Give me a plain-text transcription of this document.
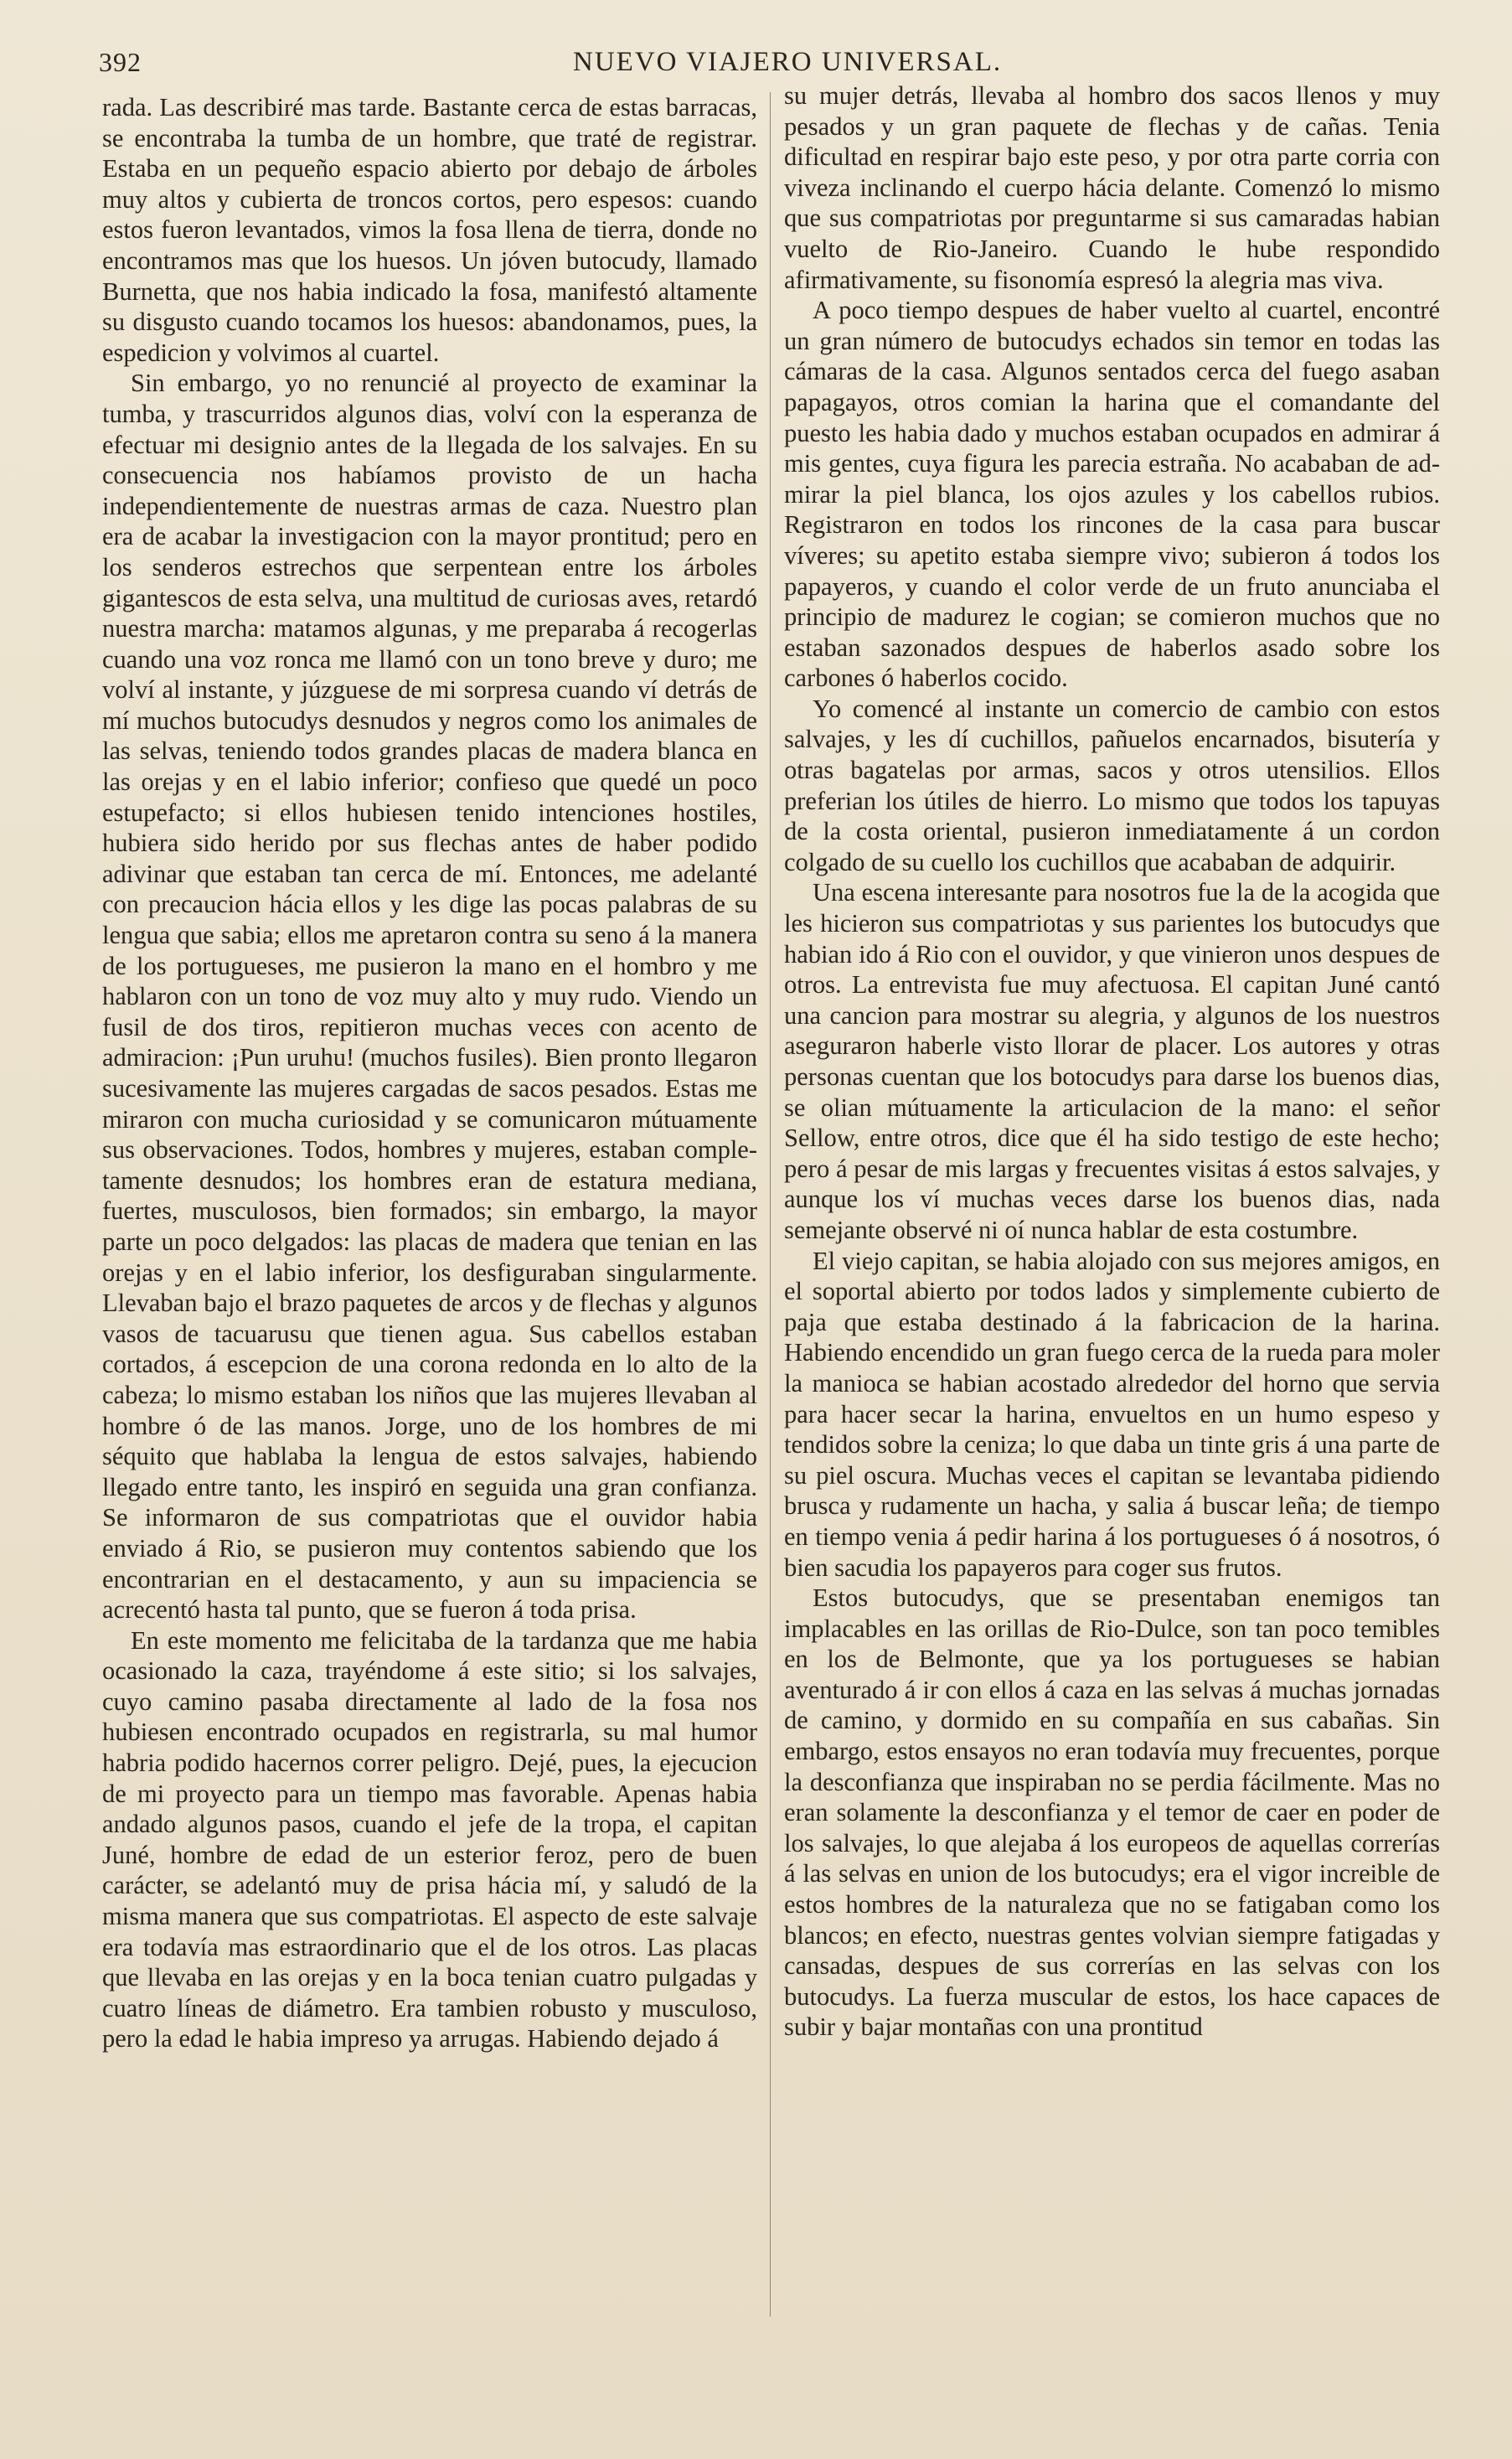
392	NUEVO VIAJERO UNIVERSAL.

rada. Las describiré mas tarde. Bastante cerca de estas barracas, se encontraba la tumba de un hombre, que traté de registrar. Estaba en un pequeño espacio abierto por debajo de árboles muy altos y cubierta de troncos cortos, pero espesos: cuando estos fueron levantados, vimos la fosa llena de tierra, donde no encontramos mas que los huesos. Un jóven butocudy, llamado Burnetta, que nos habia indicado la fosa, manifestó altamente su disgusto cuando tocamos los huesos: abandonamos, pues, la espedicion y volvimos al cuartel.

Sin embargo, yo no renuncié al proyecto de examinar la tumba, y trascurridos algunos dias, volví con la esperanza de efectuar mi designio antes de la llegada de los salvajes. En su consecuencia nos habíamos provisto de un hacha independientemente de nuestras armas de caza. Nuestro plan era de acabar la investigacion con la mayor prontitud; pero en los senderos estrechos que serpentean entre los árboles gigantescos de esta selva, una multitud de curiosas aves, retardó nuestra marcha: matamos algunas, y me preparaba á recogerlas cuando una voz ronca me llamó con un tono breve y duro; me volví al instante, y júzguese de mi sorpresa cuando ví detrás de mí muchos butocudys desnudos y negros como los animales de las selvas, teniendo todos grandes placas de madera blanca en las orejas y en el labio inferior; confieso que quedé un poco estupefacto; si ellos hubiesen tenido intenciones hostiles, hubiera sido herido por sus flechas antes de haber podido adivinar que estaban tan cerca de mí. Entonces, me adelanté con precaucion hácia ellos y les dige las pocas palabras de su lengua que sabia; ellos me apretaron contra su seno á la manera de los portugueses, me pusieron la mano en el hombro y me hablaron con un tono de voz muy alto y muy rudo. Viendo un fusil de dos tiros, repitieron muchas veces con acento de admiracion: ¡Pun uruhu! (muchos fusiles). Bien pronto llegaron sucesivamente las mujeres cargadas de sacos pesados. Estas me miraron con mucha curiosidad y se comunicaron mútuamente sus observaciones. Todos, hombres y mujeres, estaban completamente desnudos; los hombres eran de estatura mediana, fuertes, musculosos, bien formados; sin embargo, la mayor parte un poco delgados: las placas de madera que tenian en las orejas y en el labio inferior, los desfiguraban singularmente. Llevaban bajo el brazo paquetes de arcos y de flechas y algunos vasos de tacuarusu que tienen agua. Sus cabellos estaban cortados, á escepcion de una corona redonda en lo alto de la cabeza; lo mismo estaban los niños que las mujeres llevaban al hombre ó de las manos. Jorge, uno de los hombres de mi séquito que hablaba la lengua de estos salvajes, habiendo llegado entre tanto, les inspiró en seguida una gran confianza. Se informaron de sus compatriotas que el ouvidor habia enviado á Rio, se pusieron muy contentos sabiendo que los encontrarian en el destacamento, y aun su impaciencia se acrecentó hasta tal punto, que se fueron á toda prisa.

En este momento me felicitaba de la tardanza que me habia ocasionado la caza, trayéndome á este sitio; si los salvajes, cuyo camino pasaba directamente al lado de la fosa nos hubiesen encontrado ocupados en registrarla, su mal humor habria podido hacernos correr peligro. Dejé, pues, la ejecucion de mi proyecto para un tiempo mas favorable. Apenas habia andado algunos pasos, cuando el jefe de la tropa, el capitan Juné, hombre de edad de un esterior feroz, pero de buen carácter, se adelantó muy de prisa hácia mí, y saludó de la misma manera que sus compatriotas. El aspecto de este salvaje era todavía mas estraordinario que el de los otros. Las placas que llevaba en las orejas y en la boca tenian cuatro pulgadas y cuatro líneas de diámetro. Era tambien robusto y musculoso, pero la edad le habia impreso ya arrugas. Habiendo dejado á

su mujer detrás, llevaba al hombro dos sacos llenos y muy pesados y un gran paquete de flechas y de cañas. Tenia dificultad en respirar bajo este peso, y por otra parte corria con viveza inclinando el cuerpo hácia delante. Comenzó lo mismo que sus compatriotas por preguntarme si sus camaradas habian vuelto de Rio-Janeiro. Cuando le hube respondido afirmativamente, su fisonomía espresó la alegria mas viva.

A poco tiempo despues de haber vuelto al cuartel, encontré un gran número de butocudys echados sin temor en todas las cámaras de la casa. Algunos sentados cerca del fuego asaban papagayos, otros comian la harina que el comandante del puesto les habia dado y muchos estaban ocupados en admirar á mis gentes, cuya figura les parecia estraña. No acababan de admirar la piel blanca, los ojos azules y los cabellos rubios. Registraron en todos los rincones de la casa para buscar víveres; su apetito estaba siempre vivo; subieron á todos los papayeros, y cuando el color verde de un fruto anunciaba el principio de madurez le cogian; se comieron muchos que no estaban sazonados despues de haberlos asado sobre los carbones ó haberlos cocido.

Yo comencé al instante un comercio de cambio con estos salvajes, y les dí cuchillos, pañuelos encarnados, bisutería y otras bagatelas por armas, sacos y otros utensilios. Ellos preferian los útiles de hierro. Lo mismo que todos los tapuyas de la costa oriental, pusieron inmediatamente á un cordon colgado de su cuello los cuchillos que acababan de adquirir.

Una escena interesante para nosotros fue la de la acogida que les hicieron sus compatriotas y sus parientes los butocudys que habian ido á Rio con el ouvidor, y que vinieron unos despues de otros. La entrevista fue muy afectuosa. El capitan Juné cantó una cancion para mostrar su alegria, y algunos de los nuestros aseguraron haberle visto llorar de placer. Los autores y otras personas cuentan que los botocudys para darse los buenos dias, se olian mútuamente la articulacion de la mano: el señor Sellow, entre otros, dice que él ha sido testigo de este hecho; pero á pesar de mis largas y frecuentes visitas á estos salvajes, y aunque los ví muchas veces darse los buenos dias, nada semejante observé ni oí nunca hablar de esta costumbre.

El viejo capitan, se habia alojado con sus mejores amigos, en el soportal abierto por todos lados y simplemente cubierto de paja que estaba destinado á la fabricacion de la harina. Habiendo encendido un gran fuego cerca de la rueda para moler la manioca se habian acostado alrededor del horno que servia para hacer secar la harina, envueltos en un humo espeso y tendidos sobre la ceniza; lo que daba un tinte gris á una parte de su piel oscura. Muchas veces el capitan se levantaba pidiendo brusca y rudamente un hacha, y salia á buscar leña; de tiempo en tiempo venia á pedir harina á los portugueses ó á nosotros, ó bien sacudia los papayeros para coger sus frutos.

Estos butocudys, que se presentaban enemigos tan implacables en las orillas de Rio-Dulce, son tan poco temibles en los de Belmonte, que ya los portugueses se habian aventurado á ir con ellos á caza en las selvas á muchas jornadas de camino, y dormido en su compañía en sus cabañas. Sin embargo, estos ensayos no eran todavía muy frecuentes, porque la desconfianza que inspiraban no se perdia fácilmente. Mas no eran solamente la desconfianza y el temor de caer en poder de los salvajes, lo que alejaba á los europeos de aquellas correrías á las selvas en union de los butocudys; era el vigor increible de estos hombres de la naturaleza que no se fatigaban como los blancos; en efecto, nuestras gentes volvian siempre fatigadas y cansadas, despues de sus correrías en las selvas con los butocudys. La fuerza muscular de estos, los hace capaces de subir y bajar montañas con una prontitud
